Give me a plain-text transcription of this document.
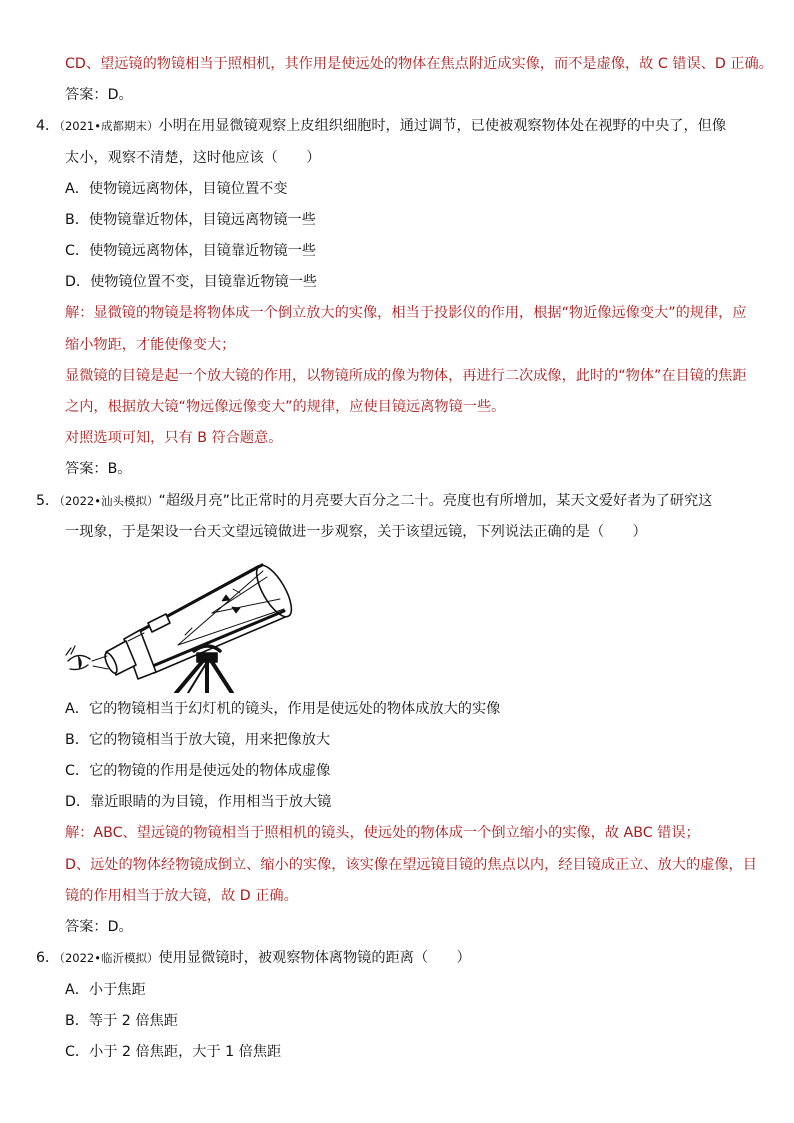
CD、望远镜的物镜相当于照相机，其作用是使远处的物体在焦点附近成实像，而不是虚像，故 C 错误、D 正确。
答案：D。
4．（2021•成都期末）小明在用显微镜观察上皮组织细胞时，通过调节，已使被观察物体处在视野的中央了，但像
太小，观察不清楚，这时他应该（　　）
A．使物镜远离物体，目镜位置不变
B．使物镜靠近物体，目镜远离物镜一些
C．使物镜远离物体，目镜靠近物镜一些
D．使物镜位置不变，目镜靠近物镜一些
解：显微镜的物镜是将物体成一个倒立放大的实像，相当于投影仪的作用，根据“物近像远像变大”的规律，应
缩小物距，才能使像变大；
显微镜的目镜是起一个放大镜的作用，以物镜所成的像为物体，再进行二次成像，此时的“物体”在目镜的焦距
之内，根据放大镜“物远像远像变大”的规律，应使目镜远离物镜一些。
对照选项可知，只有 B 符合题意。
答案：B。
5．（2022•汕头模拟）“超级月亮”比正常时的月亮要大百分之二十。亮度也有所增加，某天文爱好者为了研究这
一现象，于是架设一台天文望远镜做进一步观察，关于该望远镜，下列说法正确的是（　　）
A．它的物镜相当于幻灯机的镜头，作用是使远处的物体成放大的实像
B．它的物镜相当于放大镜，用来把像放大
C．它的物镜的作用是使远处的物体成虚像
D．靠近眼睛的为目镜，作用相当于放大镜
解：ABC、望远镜的物镜相当于照相机的镜头，使远处的物体成一个倒立缩小的实像，故 ABC 错误；
D、远处的物体经物镜成倒立、缩小的实像，该实像在望远镜目镜的焦点以内，经目镜成正立、放大的虚像，目
镜的作用相当于放大镜，故 D 正确。
答案：D。
6．（2022•临沂模拟）使用显微镜时，被观察物体离物镜的距离（　　）
A．小于焦距
B．等于 2 倍焦距
C．小于 2 倍焦距，大于 1 倍焦距
